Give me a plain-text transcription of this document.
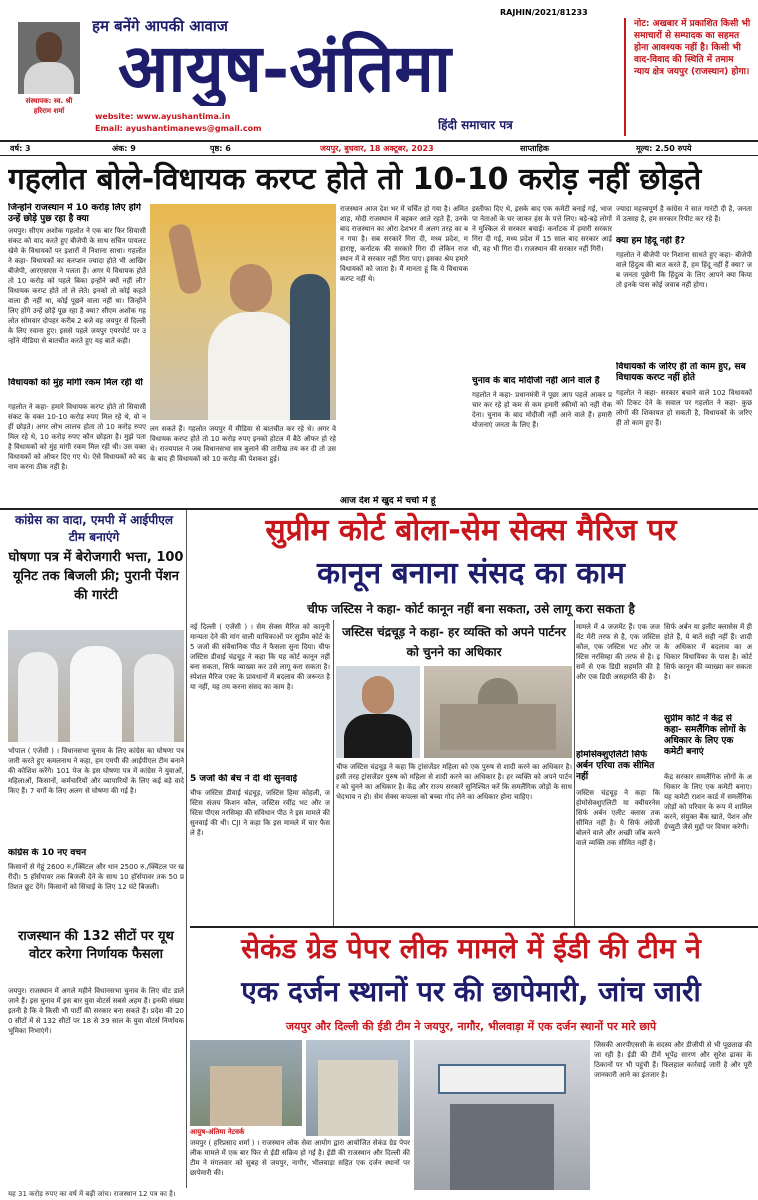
संस्थापक: स्व. श्री हरिराम शर्मा
हम बनेंगे आपकी आवाज
RAJHIN/2021/81233
आयुष-अंतिमा
website: www.ayushantima.in
Email: ayushantimanews@gmail.com	हिंदी समाचार पत्र
नोट: अखबार में प्रकाशित किसी भी समाचारों से सम्पादक का सहमत होना आवश्यक नहीं है। किसी भी वाद-विवाद की स्थिति में तमाम न्याय क्षेत्र जयपुर (राजस्थान) होगा।
वर्ष: 3	अंक: 9	पृष्ठ: 6	जयपुर, बुधवार, 18 अक्टूबर, 2023	साप्ताहिक	मूल्य: 2.50 रुपये
गहलोत बोले-विधायक करप्ट होते तो 10-10 करोड़ नहीं छोड़ते
जिन्होंने राजस्थान में 10 करोड़ लिए होंगे उन्हें छोड़े पुछ रहा है क्या
जयपुर। सीएम अशोक गहलोत ने एक बार फिर सियासी संकट को याद करते हुए बीजेपी के साथ सचिन पायलट खेमे के विधायकों पर इशारों में निशाना साधा। गहलोत ने कहा- विधायकों का करप्शन ज्यादा होते भी आखिर बीजेपी, आरएसएस ने पलता हैं। अगर ये विधायक होते तो 10 करोड़ को पहले बिका इन्होंने क्यों नहीं ली? विधायक करप्ट होते तो ले लेते। इनको तो कोई कहते वाला ही नहीं था, कोई पूछने वाला नहीं था। जिन्होंने लिए होंगे उन्हें छोड़ें पूछ रहा है क्या? सीएम अशोक गहलोत सोमवार दोपहर करीब 2 बजे वह जयपुर से दिल्ली के लिए रवाना हुए। इससे पहले जयपुर एयरपोर्ट पर उन्होंने मीडिया से बातचीत करते हुए यह बातें कही।
विधायकों को मुंह मांगी रकम मिल रही थी
गहलोत ने कहा- हमारे विधायक करप्ट होते तो सियासी संकट के वक्त 10-10 करोड़ रुपए मिल रहे थे, वो नहीं छोड़ते। अगर लोभ लालच होता तो 10 करोड़ रुपए मिल रहे थे, 10 करोड़ रुपए कौन छोड़ता है। मुझे पता है विधायकों को मुंह मांगी रकम मिल रही थी। उस वक्त विधायकों को ऑफर दिए गए थे। ऐसे विधायकों को बदनाम करना ठीक नहीं है।
लग सकते हैं। गहलोत जयपुर में मीडिया से बातचीत कर रहे थे। अगर वे विधायक करप्ट होते तो 10 करोड़ रुपए इनको होटल में बैठे ऑफर हो रहे थे। राज्यपाल ने जब विधानसभा सत्र बुलाने की तारीख तय कर दी तो उसके बाद ही विधायकों को 10 करोड़ की पेशकश हुई।
राजस्थान आज देश भर में चर्चित हो गया है। अमित शाह, मोदी राजस्थान में बहकर आते रहते हैं, उनके बाद राजस्थान का ओरा देशभर में अलग तरह का बन गया है। सब सरकारें गिरा दी, मध्य प्रदेश, महाराष्ट्र, कर्नाटक की सरकारें गिरा दीं लेकिन राजस्थान में वे सरकार नहीं गिरा पाए। इसका श्रेय हमारे विधायकों को जाता है। मैं मानता हूं कि ये विधायक करप्ट नहीं थे।
आज देश में खुद में चर्चा में हूं
इस्तीफा दिए थे, इसके बाद एक कमेटी बनाई गई, भाजपा नेताओं के घर जाकर हंस के पत्ते लिए। बड़े-बड़े लोगों ने मुश्किल से सरकार बचाई। कर्नाटक में हमारी सरकार गिरा दी गई, मध्य प्रदेश में 15 साल बाद सरकार आई थी, वह भी गिरा दी। राजस्थान की सरकार नहीं गिरी।
चुनाव के बाद मोदीजी नहीं आने वाले हैं
गहलोत ने कहा- प्रधानमंत्री ने पूछा आप पहले आकर प्रचार कर रहे हो कम से कम हमारी स्कीमों को नहीं रोक देना। चुनाव के बाद मोदीजी नहीं आने वाले हैं। हमारी योजनाएं जनता के लिए हैं।
ज्यादा महत्त्वपूर्ण है कांग्रेस ने सात गारंटी दी है, जनता में उत्साह है, हम सरकार रिपीट कर रहे हैं।
क्या हम हिंदू नहीं हैं?
गहलोत ने बीजेपी पर निशाना साधते हुए कहा- बीजेपी वाले हिंदुत्व की बात करते हैं, हम हिंदू नहीं हैं क्या? जब जनता पूछेगी कि हिंदुत्व के लिए आपने क्या किया तो इनके पास कोई जवाब नहीं होगा।
विधायकों के जरिए ही तो काम हुए, सब विधायक करप्ट नहीं होते
गहलोत ने कहा- सरकार बचाने वाले 102 विधायकों को टिकट देने के सवाल पर गहलोत ने कहा- कुछ लोगों की शिकायत हो सकती है, विधायकों के जरिए ही तो काम हुए हैं।
कांग्रेस का वादा, एमपी में आईपीएल टीम बनाएंगे
घोषणा पत्र में बेरोजगारी भत्ता, 100 यूनिट तक बिजली फ्री; पुरानी पेंशन की गारंटी
भोपाल ( एजेंसी ) । विधानसभा चुनाव के लिए कांग्रेस का घोषणा पत्र जारी करते हुए कमलनाथ ने कहा, हम एमपी की आईपीएल टीम बनाने की कोशिश करेंगे। 101 पेज के इस घोषणा पत्र में कांग्रेस ने युवाओं, महिलाओं, किसानों, कर्मचारियों और व्यापारियों के लिए कई बड़े वादे किए हैं। 7 वर्गों के लिए अलग से घोषणा की गई है।
कांग्रेस के 10 नए वचन
किसानों से गेहूं 2600 रु./क्विंटल और धान 2500 रु./क्विंटल पर खरीदी। 5 हॉर्सपावर तक बिजली देने के साथ 10 हॉर्सपावर तक 50 प्रतिशत छूट देंगे। किसानों को सिंचाई के लिए 12 घंटे बिजली।
राजस्थान की 132 सीटों पर यूथ वोटर करेगा निर्णायक फैसला
जयपुर। राजस्थान में अगले महीने विधानसभा चुनाव के लिए वोट डाले जाने हैं। इस चुनाव में इस बार युवा वोटर्स सबसे अहम हैं। इनकी संख्या इतनी है कि वे किसी भी पार्टी की सरकार बना सकते हैं। प्रदेश की 200 सीटों में से 132 सीटों पर 18 से 39 साल के युवा वोटर्स निर्णायक भूमिका निभाएंगे।
सुप्रीम कोर्ट बोला-सेम सेक्स मैरिज पर
कानून बनाना संसद का काम
चीफ जस्टिस ने कहा- कोर्ट कानून नहीं बना सकता, उसे लागू करा सकता है
नई दिल्ली ( एजेंसी ) । सेम सेक्स मैरिज को कानूनी मान्यता देने की मांग वाली याचिकाओं पर सुप्रीम कोर्ट के 5 जजों की संवैधानिक पीठ ने फैसला सुना दिया। चीफ जस्टिस डीवाई चंद्रचूड़ ने कहा कि यह कोर्ट कानून नहीं बना सकता, सिर्फ व्याख्या कर उसे लागू करा सकता है। स्पेशल मैरिज एक्ट के प्रावधानों में बदलाव की जरूरत है या नहीं, यह तय करना संसद का काम है।
5 जजों की बेंच ने दी थी सुनवाई
चीफ जस्टिस डीवाई चंद्रचूड़, जस्टिस हिमा कोहली, जस्टिस संजय किशन कौल, जस्टिस रवींद्र भट और जस्टिस पीएस नरसिम्हा की संविधान पीठ ने इस मामले की सुनवाई की थी। CJI ने कहा कि इस मामले में चार फैसले हैं।
जस्टिस चंद्रचूड़ ने कहा- हर व्यक्ति को अपने पार्टनर को चुनने का अधिकार
चीफ जस्टिस चंद्रचूड़ ने कहा कि ट्रांसजेंडर महिला को एक पुरुष से शादी करने का अधिकार है। इसी तरह ट्रांसजेंडर पुरुष को महिला से शादी करने का अधिकार है। हर व्यक्ति को अपने पार्टनर को चुनने का अधिकार है। केंद्र और राज्य सरकारें सुनिश्चित करें कि समलैंगिक जोड़ों के साथ भेदभाव न हो। सेम सेक्स कपल्स को बच्चा गोद लेने का अधिकार होना चाहिए।
मामले में 4 जजमेंट हैं। एक जजमेंट मेरी तरफ से है, एक जस्टिस कौल, एक जस्टिस भट और जस्टिस नरसिम्हा की तरफ से है। इसमें से एक डिग्री सहमति की है और एक डिग्री असहमति की है।
होमोसेक्शुएलिटी सिर्फ अर्बन एरिया तक सीमित नहीं
जस्टिस चंद्रचूड़ ने कहा कि होमोसेक्शुएलिटी या क्वीयरनेस सिर्फ अर्बन एलीट क्लास तक सीमित नहीं है। ये सिर्फ अंग्रेजी बोलने वाले और अच्छी जॉब करने वाले व्यक्ति तक सीमित नहीं है।
सिर्फ अर्बन या इलीट क्लासेस में ही होते हैं, ये बातें सही नहीं हैं। शादी के अधिकार में बदलाव का अधिकार विधायिका के पास है। कोर्ट सिर्फ कानून की व्याख्या कर सकता है।
सुप्रीम कोर्ट ने केंद्र से कहा- समलैंगिक लोगों के अधिकार के लिए एक कमेटी बनाएं
केंद्र सरकार समलैंगिक लोगों के अधिकार के लिए एक कमेटी बनाए। यह कमेटी राशन कार्ड में समलैंगिक जोड़ों को परिवार के रूप में शामिल करने, संयुक्त बैंक खाते, पेंशन और ग्रेच्युटी जैसे मुद्दों पर विचार करेगी।
सेकंड ग्रेड पेपर लीक मामले में ईडी की टीम ने
एक दर्जन स्थानों पर की छापेमारी, जांच जारी
जयपुर और दिल्ली की ईडी टीम ने जयपुर, नागौर, भीलवाड़ा में एक दर्जन स्थानों पर मारे छापे
आयुष-अंतिमा नेटवर्क
जयपुर ( हरिप्रसाद शर्मा ) । राजस्थान लोक सेवा आयोग द्वारा आयोजित सेकंड ग्रेड पेपर लीक मामले में एक बार फिर से ईडी सक्रिय हो गई है। ईडी की राजस्थान और दिल्ली की टीम ने मंगलवार को सुबह से जयपुर, नागौर, भीलवाड़ा सहित एक दर्जन स्थानों पर छापेमारी की।
जिसकी आरपीएससी के सदस्य और डीजीपी से भी पूछताछ की जा रही है। ईडी की टीमें भूपेंद्र सारण और सुरेश ढाका के ठिकानों पर भी पहुंची हैं। फिलहाल कार्रवाई जारी है और पूरी जानकारी आने का इंतजार है।
यह 31 करोड़ रुपए का वर्ष में बढ़ी जांच। राजस्थान 12 पत्र का है।
